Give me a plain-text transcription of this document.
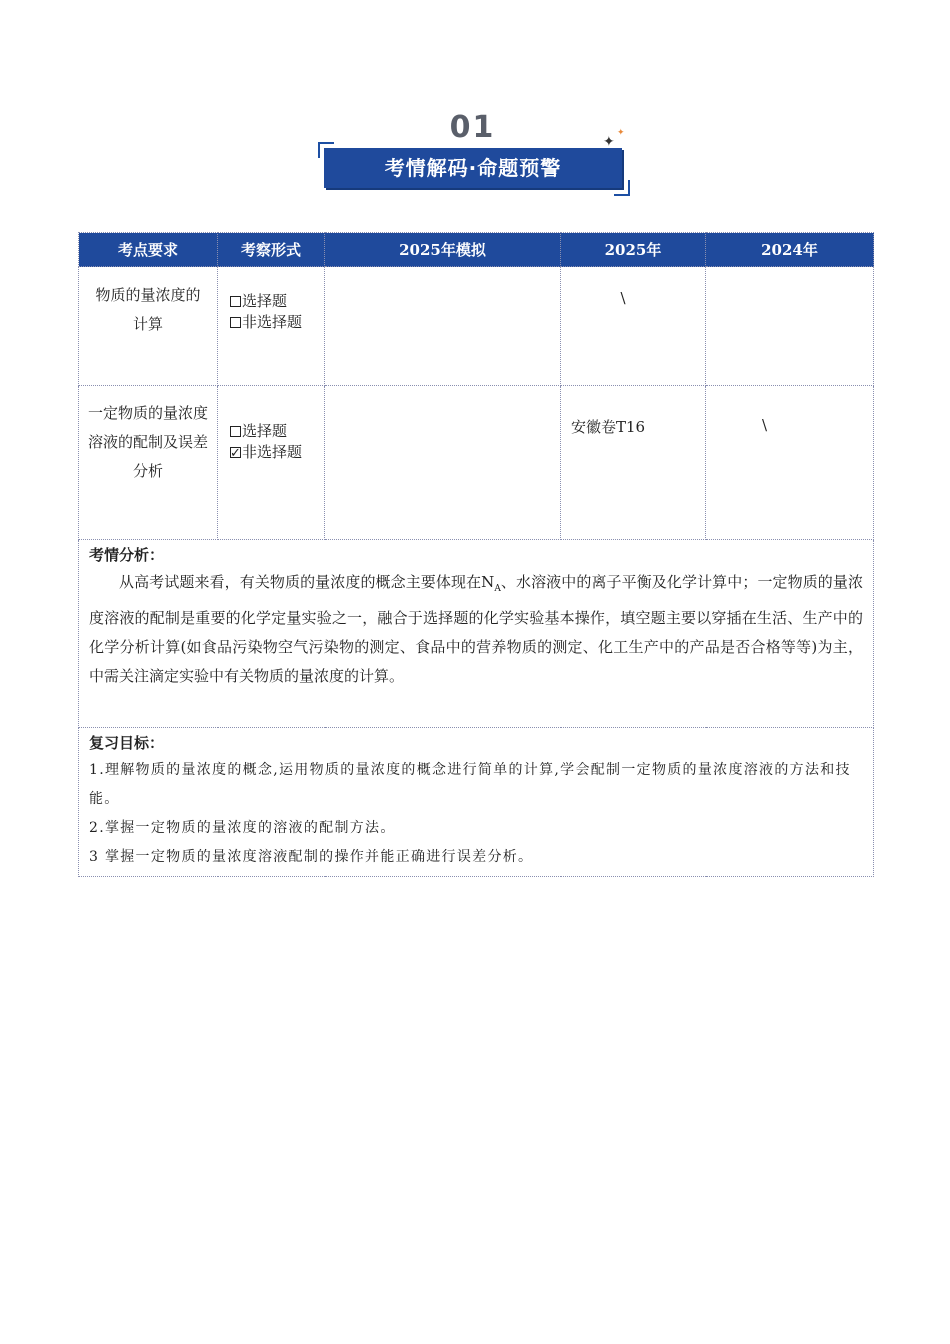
01
考情解码·命题预警
✦
✦
考点要求	考察形式	2025年模拟	2025年	2024年
物质的量浓度的计算	选择题
非选择题		\	
一定物质的量浓度溶液的配制及误差分析	选择题
✓非选择题		安徽卷T16	\

考情分析：
从高考试题来看，有关物质的量浓度的概念主要体现在$N_A$、水溶液中的离子平衡及化学计算中；一定物质的量浓度溶液的配制是重要的化学定量实验之一，融合于选择题的化学实验基本操作，填空题主要以穿插在生活、生产中的化学分析计算(如食品污染物空气污染物的测定、食品中的营养物质的测定、化工生产中的产品是否合格等等)为主，中需关注滴定实验中有关物质的量浓度的计算。				

复习目标：
1.理解物质的量浓度的概念,运用物质的量浓度的概念进行简单的计算,学会配制一定物质的量浓度溶液的方法和技能。
2.掌握一定物质的量浓度的溶液的配制方法。
3 掌握一定物质的量浓度溶液配制的操作并能正确进行误差分析。				
